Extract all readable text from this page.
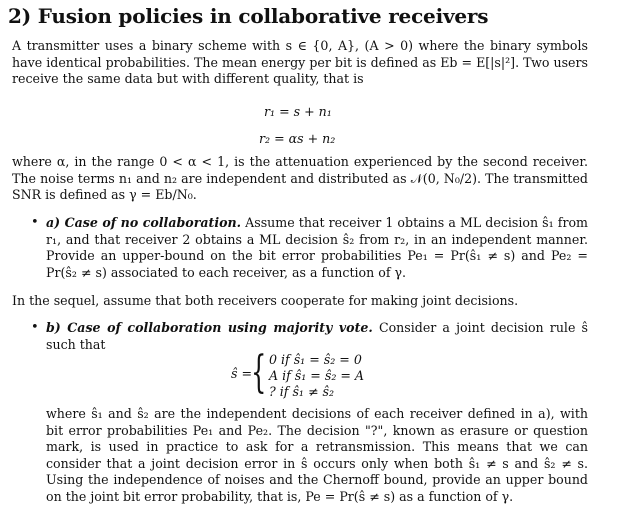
2) Fusion policies in collaborative receivers

A transmitter uses a binary scheme with s ∈ {0, A}, (A > 0) where the binary symbols have identical probabilities. The mean energy per bit is defined as Eb = E[|s|²]. Two users receive the same data but with different quality, that is

r₁ = s + n₁
r₂ = αs + n₂

where α, in the range 0 < α < 1, is the attenuation experienced by the second receiver. The noise terms n₁ and n₂ are independent and distributed as 𝒩(0, N₀/2). The transmitted SNR is defined as γ = Eb/N₀.

• a) Case of no collaboration. Assume that receiver 1 obtains a ML decision ŝ₁ from r₁, and that receiver 2 obtains a ML decision ŝ₂ from r₂, in an independent manner. Provide an upper-bound on the bit error probabilities Pe₁ = Pr(ŝ₁ ≠ s) and Pe₂ = Pr(ŝ₂ ≠ s) associated to each receiver, as a function of γ.

In the sequel, assume that both receivers cooperate for making joint decisions.

• b) Case of collaboration using majority vote. Consider a joint decision rule ŝ such that

ŝ =
{ 0 if ŝ₁ = ŝ₂ = 0
A if ŝ₁ = ŝ₂ = A
? if ŝ₁ ≠ ŝ₂

where ŝ₁ and ŝ₂ are the independent decisions of each receiver defined in a), with bit error probabilities Pe₁ and Pe₂. The decision "?", known as erasure or question mark, is used in practice to ask for a retransmission. This means that we can consider that a joint decision error in ŝ occurs only when both ŝ₁ ≠ s and ŝ₂ ≠ s. Using the independence of noises and the Chernoff bound, provide an upper bound on the joint bit error probability, that is, Pe = Pr(ŝ ≠ s) as a function of γ.
